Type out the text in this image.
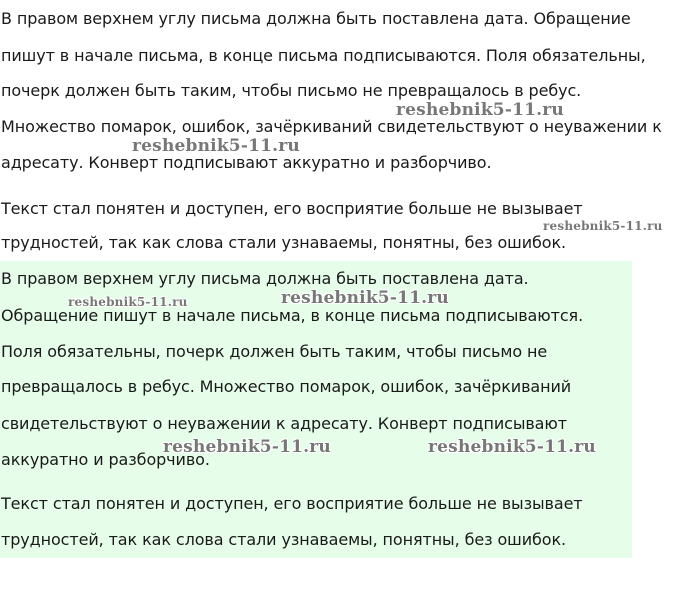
В правом верхнем углу письма должна быть поставлена дата. Обращение
пишут в начале письма, в конце письма подписываются. Поля обязательны,
почерк должен быть таким, чтобы письмо не превращалось в ребус.
Множество помарок, ошибок, зачёркиваний свидетельствуют о неуважении к
адресату. Конверт подписывают аккуратно и разборчиво.
Текст стал понятен и доступен, его восприятие больше не вызывает
трудностей, так как слова стали узнаваемы, понятны, без ошибок.
В правом верхнем углу письма должна быть поставлена дата.
Обращение пишут в начале письма, в конце письма подписываются.
Поля обязательны, почерк должен быть таким, чтобы письмо не
превращалось в ребус. Множество помарок, ошибок, зачёркиваний
свидетельствуют о неуважении к адресату. Конверт подписывают
аккуратно и разборчиво.
Текст стал понятен и доступен, его восприятие больше не вызывает
трудностей, так как слова стали узнаваемы, понятны, без ошибок.
reshebnik5-11.ru
reshebnik5-11.ru
reshebnik5-11.ru
reshebnik5-11.ru	reshebnik5-11.ru
reshebnik5-11.ru	reshebnik5-11.ru
